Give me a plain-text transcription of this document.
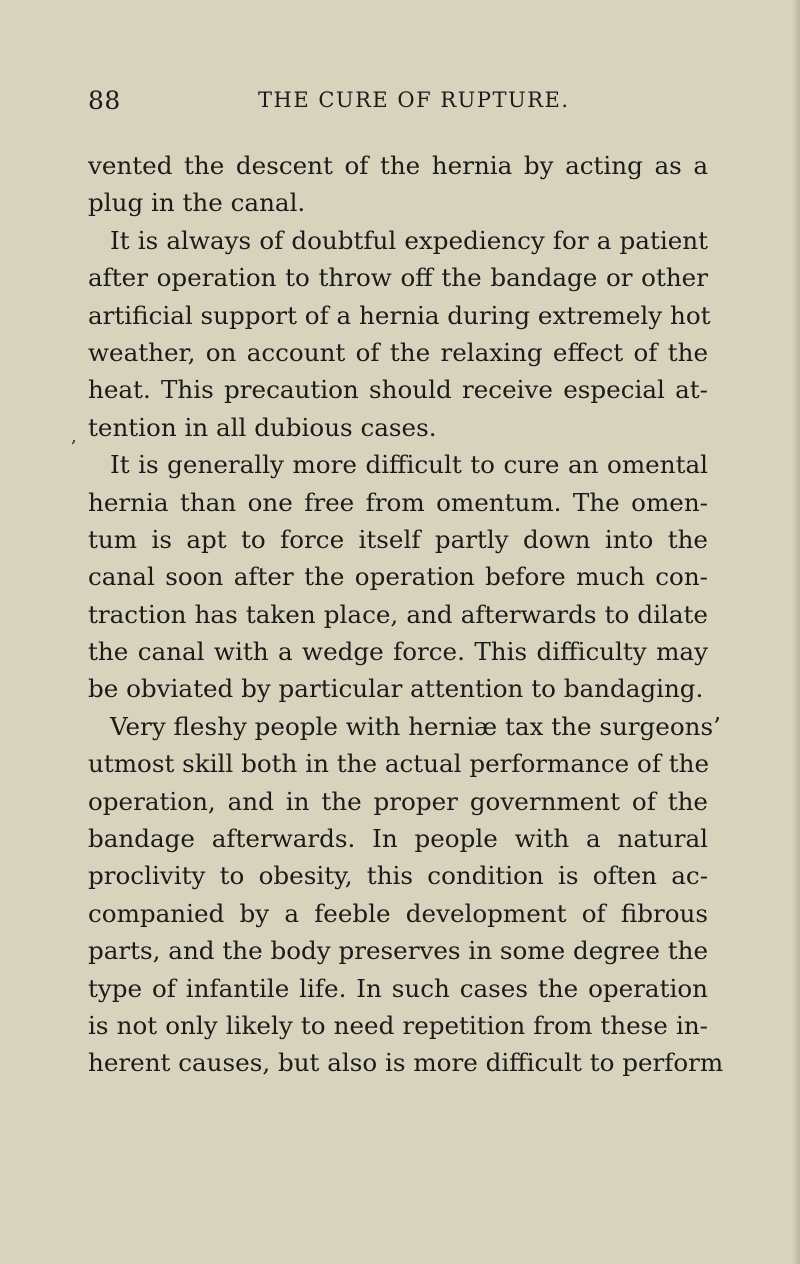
88	THE CURE OF RUPTURE.
,
vented the descent of the hernia by acting as a
plug in the canal.
It is always of doubtful expediency for a patient
after operation to throw off the bandage or other
artificial support of a hernia during extremely hot
weather, on account of the relaxing effect of the
heat. This precaution should receive especial at-
tention in all dubious cases.
It is generally more difficult to cure an omental
hernia than one free from omentum. The omen-
tum is apt to force itself partly down into the
canal soon after the operation before much con-
traction has taken place, and afterwards to dilate
the canal with a wedge force. This difficulty may
be obviated by particular attention to bandaging.
Very fleshy people with herniæ tax the surgeons’
utmost skill both in the actual performance of the
operation, and in the proper government of the
bandage afterwards. In people with a natural
proclivity to obesity, this condition is often ac-
companied by a feeble development of fibrous
parts, and the body preserves in some degree the
type of infantile life. In such cases the operation
is not only likely to need repetition from these in-
herent causes, but also is more difficult to perform
